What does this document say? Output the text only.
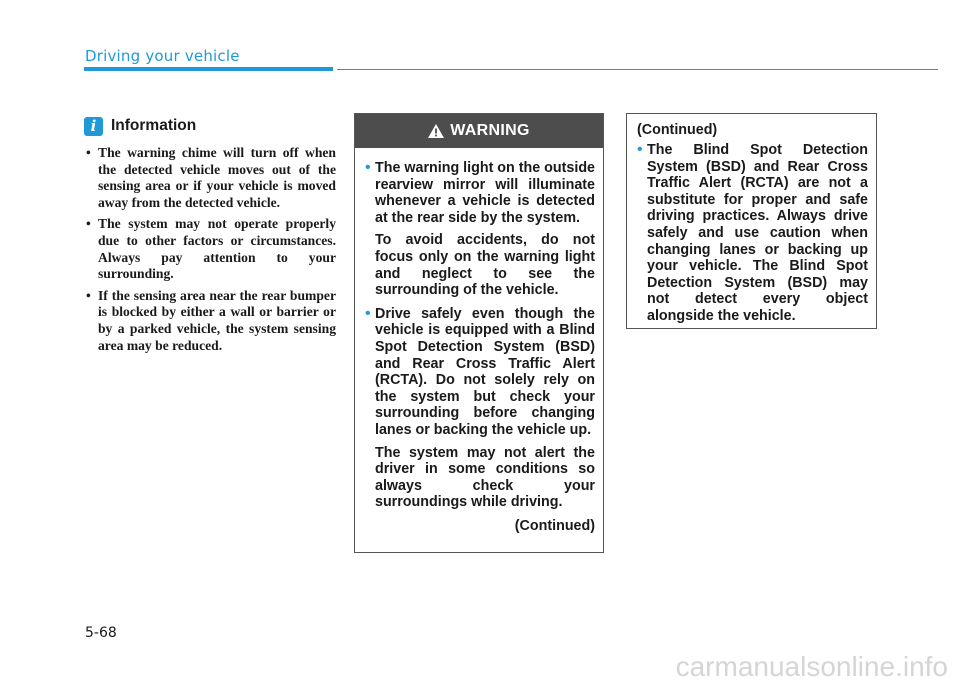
Driving your vehicle
i Information
• The warning chime will turn off when the detected vehicle moves out of the sensing area or if your vehicle is moved away from the detected vehicle.
• The system may not operate properly due to other factors or circumstances. Always pay attention to your surrounding.
• If the sensing area near the rear bumper is blocked by either a wall or barrier or by a parked vehicle, the system sensing area may be reduced.
WARNING

• The warning light on the outside rearview mirror will illuminate whenever a vehicle is detected at the rear side by the system.

To avoid accidents, do not focus only on the warning light and neglect to see the surrounding of the vehicle.

• Drive safely even though the vehicle is equipped with a Blind Spot Detection System (BSD) and Rear Cross Traffic Alert (RCTA). Do not solely rely on the system but check your surrounding before changing lanes or backing the vehicle up.

The system may not alert the driver in some conditions so always check your surroundings while driving.

(Continued)
(Continued)

• The Blind Spot Detection System (BSD) and Rear Cross Traffic Alert (RCTA) are not a substitute for proper and safe driving practices. Always drive safely and use caution when changing lanes or backing up your vehicle. The Blind Spot Detection System (BSD) may not detect every object alongside the vehicle.

5-68
carmanualsonline.info
